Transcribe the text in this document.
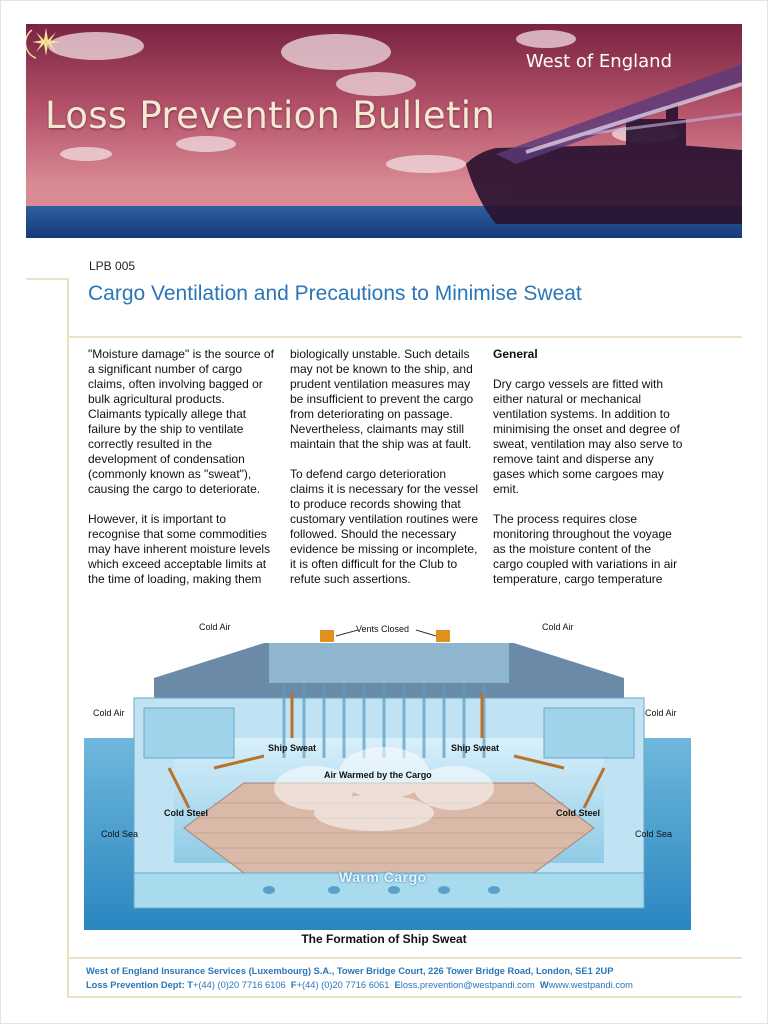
Loss Prevention Bulletin
West of England
LPB 005
Cargo Ventilation and Precautions to Minimise Sweat

"Moisture damage" is the source of a significant number of cargo claims, often involving bagged or bulk agricultural products. Claimants typically allege that failure by the ship to ventilate correctly resulted in the development of condensation (commonly known as "sweat"), causing the cargo to deteriorate.

However, it is important to recognise that some commodities may have inherent moisture levels which exceed acceptable limits at the time of loading, making them

biologically unstable. Such details may not be known to the ship, and prudent ventilation measures may be insufficient to prevent the cargo from deteriorating on passage. Nevertheless, claimants may still maintain that the ship was at fault.

To defend cargo deterioration claims it is necessary for the vessel to produce records showing that customary ventilation routines were followed. Should the necessary evidence be missing or incomplete, it is often difficult for the Club to refute such assertions.

General

Dry cargo vessels are fitted with either natural or mechanical ventilation systems. In addition to minimising the onset and degree of sweat, ventilation may also serve to remove taint and disperse any gases which some cargoes may emit.

The process requires close monitoring throughout the voyage as the moisture content of the cargo coupled with variations in air temperature, cargo temperature

Cold Air	Cold Air
Vents Closed
Cold Air	Cold Air
Ship Sweat	Ship Sweat
Air Warmed by the Cargo
Cold Steel	Cold Steel
Cold Sea	Cold Sea
Warm Cargo
The Formation of Ship Sweat
West of England Insurance Services (Luxembourg) S.A., Tower Bridge Court, 226 Tower Bridge Road, London, SE1 2UP
Loss Prevention Dept: T+(44) (0)20 7716 6106 F+(44) (0)20 7716 6061 Eloss.prevention@westpandi.com Wwww.westpandi.com
